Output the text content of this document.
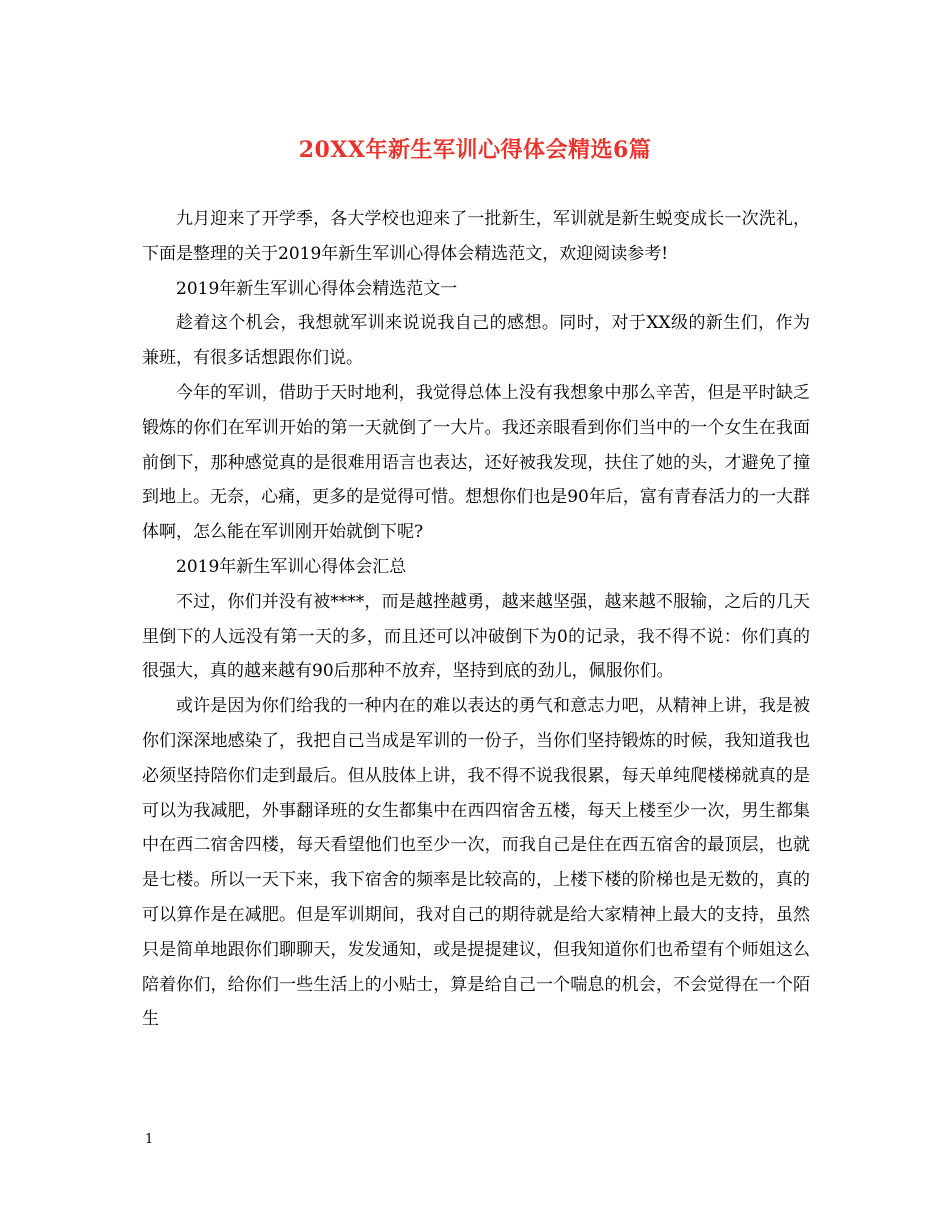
20XX年新生军训心得体会精选6篇

九月迎来了开学季，各大学校也迎来了一批新生，军训就是新生蜕变成长一次洗礼，下面是整理的关于2019年新生军训心得体会精选范文，欢迎阅读参考!

2019年新生军训心得体会精选范文一

趁着这个机会，我想就军训来说说我自己的感想。同时，对于XX级的新生们，作为兼班，有很多话想跟你们说。

今年的军训，借助于天时地利，我觉得总体上没有我想象中那么辛苦，但是平时缺乏锻炼的你们在军训开始的第一天就倒了一大片。我还亲眼看到你们当中的一个女生在我面前倒下，那种感觉真的是很难用语言也表达，还好被我发现，扶住了她的头，才避免了撞到地上。无奈，心痛，更多的是觉得可惜。想想你们也是90年后，富有青春活力的一大群体啊，怎么能在军训刚开始就倒下呢?

2019年新生军训心得体会汇总

不过，你们并没有被****，而是越挫越勇，越来越坚强，越来越不服输，之后的几天里倒下的人远没有第一天的多，而且还可以冲破倒下为0的记录，我不得不说：你们真的很强大，真的越来越有90后那种不放弃，坚持到底的劲儿，佩服你们。

或许是因为你们给我的一种内在的难以表达的勇气和意志力吧，从精神上讲，我是被你们深深地感染了，我把自己当成是军训的一份子，当你们坚持锻炼的时候，我知道我也必须坚持陪你们走到最后。但从肢体上讲，我不得不说我很累，每天单纯爬楼梯就真的是可以为我减肥，外事翻译班的女生都集中在西四宿舍五楼，每天上楼至少一次，男生都集中在西二宿舍四楼，每天看望他们也至少一次，而我自己是住在西五宿舍的最顶层，也就是七楼。所以一天下来，我下宿舍的频率是比较高的，上楼下楼的阶梯也是无数的，真的可以算作是在减肥。但是军训期间，我对自己的期待就是给大家精神上最大的支持，虽然只是简单地跟你们聊聊天，发发通知，或是提提建议，但我知道你们也希望有个师姐这么陪着你们，给你们一些生活上的小贴士，算是给自己一个喘息的机会，不会觉得在一个陌生

1
